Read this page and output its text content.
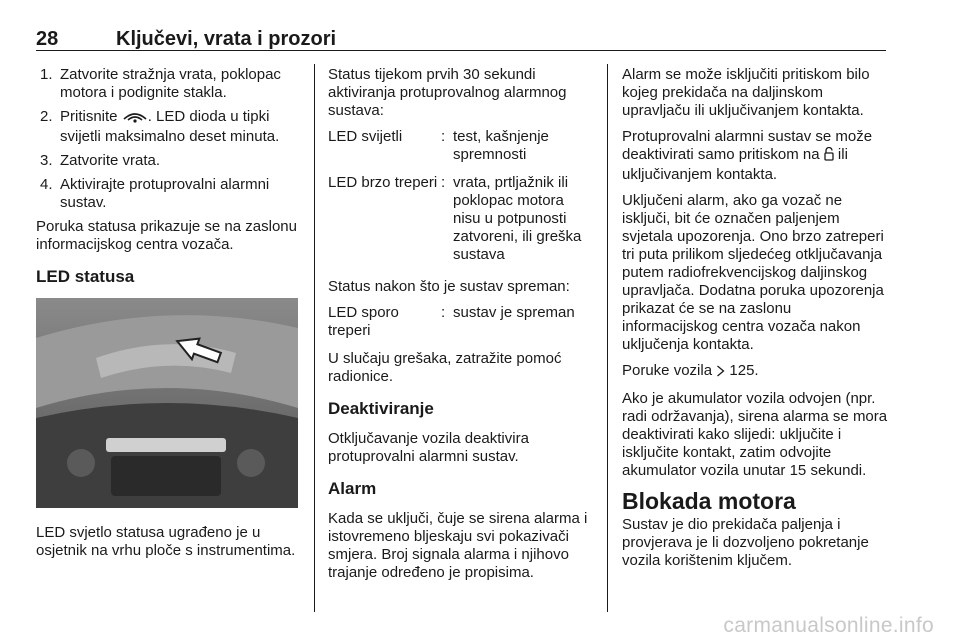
28	Ključevi, vrata i prozori
1. Zatvorite stražnja vrata, poklopac motora i podignite stakla.
2. Pritisnite . LED dioda u tipki svijetli maksimalno deset minuta.
3. Zatvorite vrata.
4. Aktivirajte protuprovalni alarmni sustav.

Poruka statusa prikazuje se na zaslonu informacijskog centra vozača.

LED statusa

LED svjetlo statusa ugrađeno je u osjetnik na vrhu ploče s instrumentima.

Status tijekom prvih 30 sekundi aktiviranja protuprovalnog alarmnog sustava:

LED svijetli	: test, kašnjenje spremnosti

LED brzo treperi : vrata, prtljažnik ili poklopac motora nisu u potpunosti zatvoreni, ili greška sustava

Status nakon što je sustav spreman:

LED sporo treperi

: sustav je spreman

U slučaju grešaka, zatražite pomoć radionice.

Deaktiviranje

Otključavanje vozila deaktivira protuprovalni alarmni sustav.

Alarm

Kada se uključi, čuje se sirena alarma i istovremeno bljeskaju svi pokazivači smjera. Broj signala alarma i njihovo trajanje određeno je propisima.

Alarm se može isključiti pritiskom bilo kojeg prekidača na daljinskom upravljaču ili uključivanjem kontakta.

Protuprovalni alarmni sustav se može deaktivirati samo pritiskom na ili uključivanjem kontakta.

Uključeni alarm, ako ga vozač ne isključi, bit će označen paljenjem svjetala upozorenja. Ono brzo zatreperi tri puta prilikom sljedećeg otključavanja putem radiofrekvencijskog daljinskog upravljača. Dodatna poruka upozorenja prikazat će se na zaslonu informacijskog centra vozača nakon uključenja kontakta.

Poruke vozila 125.

Ako je akumulator vozila odvojen (npr. radi održavanja), sirena alarma se mora deaktivirati kako slijedi: uključite i isključite kontakt, zatim odvojite akumulator vozila unutar 15 sekundi.

Blokada motora

Sustav je dio prekidača paljenja i provjerava je li dozvoljeno pokretanje vozila korištenim ključem.

carmanualsonline.info
